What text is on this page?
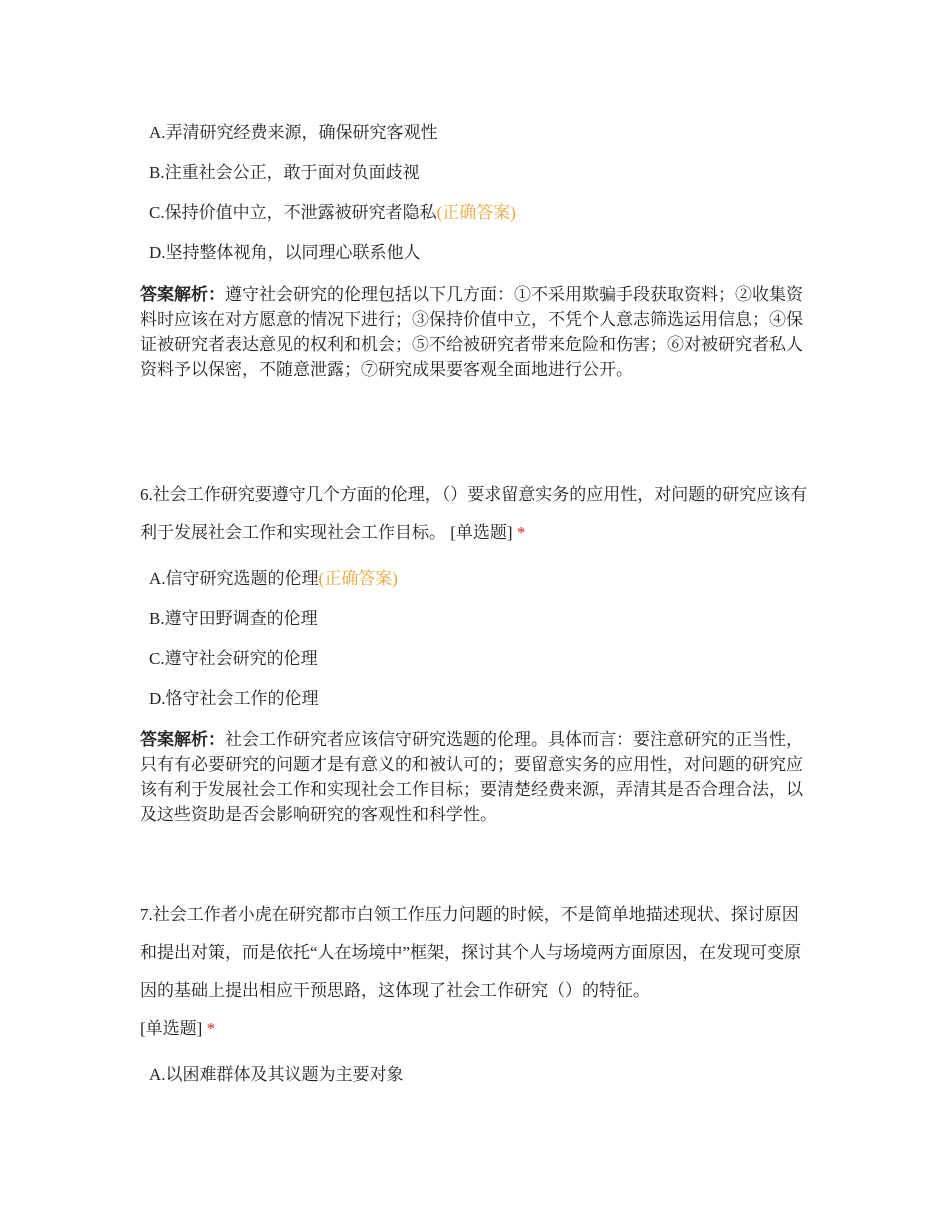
A.弄清研究经费来源，确保研究客观性
B.注重社会公正，敢于面对负面歧视
C.保持价值中立，不泄露被研究者隐私(正确答案)
D.坚持整体视角，以同理心联系他人
答案解析：遵守社会研究的伦理包括以下几方面：①不采用欺骗手段获取资料；②收集资料时应该在对方愿意的情况下进行；③保持价值中立，不凭个人意志筛选运用信息；④保证被研究者表达意见的权利和机会；⑤不给被研究者带来危险和伤害；⑥对被研究者私人资料予以保密，不随意泄露；⑦研究成果要客观全面地进行公开。
6.社会工作研究要遵守几个方面的伦理，（）要求留意实务的应用性，对问题的研究应该有利于发展社会工作和实现社会工作目标。 [单选题] *
A.信守研究选题的伦理(正确答案)
B.遵守田野调查的伦理
C.遵守社会研究的伦理
D.恪守社会工作的伦理
答案解析：社会工作研究者应该信守研究选题的伦理。具体而言：要注意研究的正当性，只有有必要研究的问题才是有意义的和被认可的；要留意实务的应用性，对问题的研究应该有利于发展社会工作和实现社会工作目标；要清楚经费来源，弄清其是否合理合法，以及这些资助是否会影响研究的客观性和科学性。
7.社会工作者小虎在研究都市白领工作压力问题的时候，不是简单地描述现状、探讨原因和提出对策，而是依托“人在场境中”框架，探讨其个人与场境两方面原因，在发现可变原因的基础上提出相应干预思路，这体现了社会工作研究（）的特征。
[单选题] *
A.以困难群体及其议题为主要对象
